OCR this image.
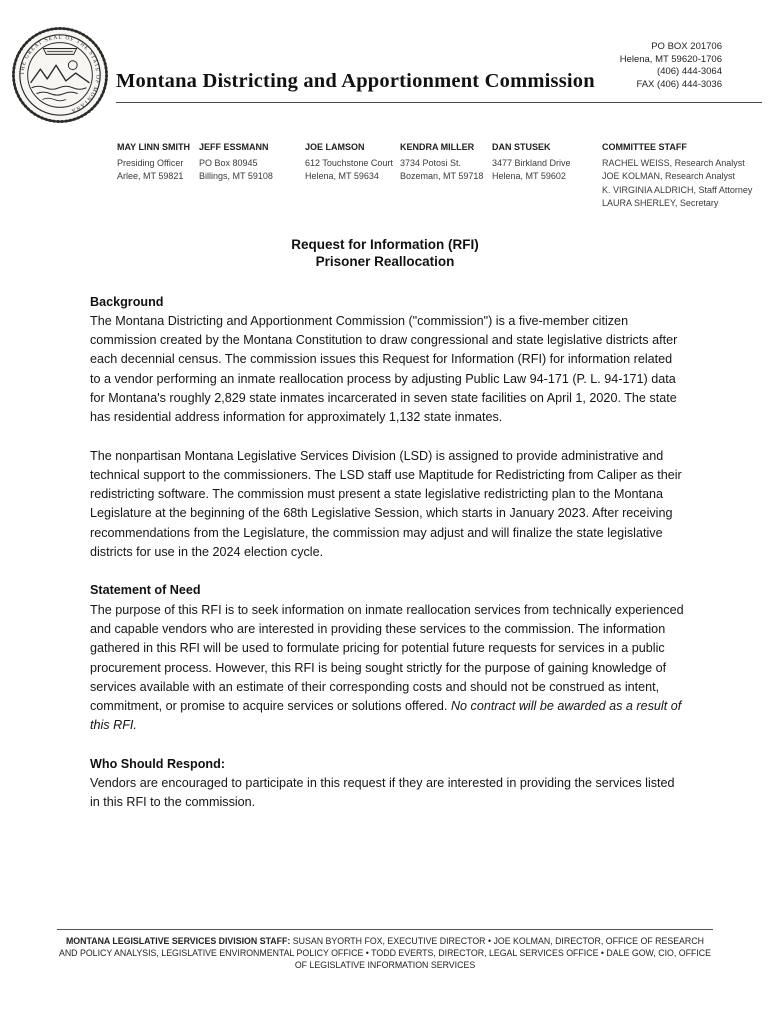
THE GREAT SEAL OF THE STATE OF MONTANA
Montana Districting and Apportionment Commission
PO BOX 201706
Helena, MT 59620-1706
(406) 444-3064
FAX (406) 444-3036
MAY LINN SMITH
Presiding Officer
Arlee, MT 59821
JEFF ESSMANN
PO Box 80945
Billings, MT 59108
JOE LAMSON
612 Touchstone Court
Helena, MT 59634
KENDRA MILLER
3734 Potosi St.
Bozeman, MT 59718
DAN STUSEK
3477 Birkland Drive
Helena, MT 59602
COMMITTEE STAFF
RACHEL WEISS, Research Analyst
JOE KOLMAN, Research Analyst
K. VIRGINIA ALDRICH, Staff Attorney
LAURA SHERLEY, Secretary
Request for Information (RFI)
Prisoner Reallocation
Background

The Montana Districting and Apportionment Commission ("commission") is a five-member citizen commission created by the Montana Constitution to draw congressional and state legislative districts after each decennial census. The commission issues this Request for Information (RFI) for information related to a vendor performing an inmate reallocation process by adjusting Public Law 94-171 (P. L. 94-171) data for Montana's roughly 2,829 state inmates incarcerated in seven state facilities on April 1, 2020. The state has residential address information for approximately 1,132 state inmates.

The nonpartisan Montana Legislative Services Division (LSD) is assigned to provide administrative and technical support to the commissioners. The LSD staff use Maptitude for Redistricting from Caliper as their redistricting software. The commission must present a state legislative redistricting plan to the Montana Legislature at the beginning of the 68th Legislative Session, which starts in January 2023. After receiving recommendations from the Legislature, the commission may adjust and will finalize the state legislative districts for use in the 2024 election cycle.

Statement of Need

The purpose of this RFI is to seek information on inmate reallocation services from technically experienced and capable vendors who are interested in providing these services to the commission. The information gathered in this RFI will be used to formulate pricing for potential future requests for services in a public procurement process. However, this RFI is being sought strictly for the purpose of gaining knowledge of services available with an estimate of their corresponding costs and should not be construed as intent, commitment, or promise to acquire services or solutions offered. No contract will be awarded as a result of this RFI.

Who Should Respond:

Vendors are encouraged to participate in this request if they are interested in providing the services listed in this RFI to the commission.

MONTANA LEGISLATIVE SERVICES DIVISION STAFF: SUSAN BYORTH FOX, EXECUTIVE DIRECTOR • JOE KOLMAN, DIRECTOR, OFFICE OF RESEARCH AND POLICY ANALYSIS, LEGISLATIVE ENVIRONMENTAL POLICY OFFICE • TODD EVERTS, DIRECTOR, LEGAL SERVICES OFFICE • DALE GOW, CIO, OFFICE OF LEGISLATIVE INFORMATION SERVICES
